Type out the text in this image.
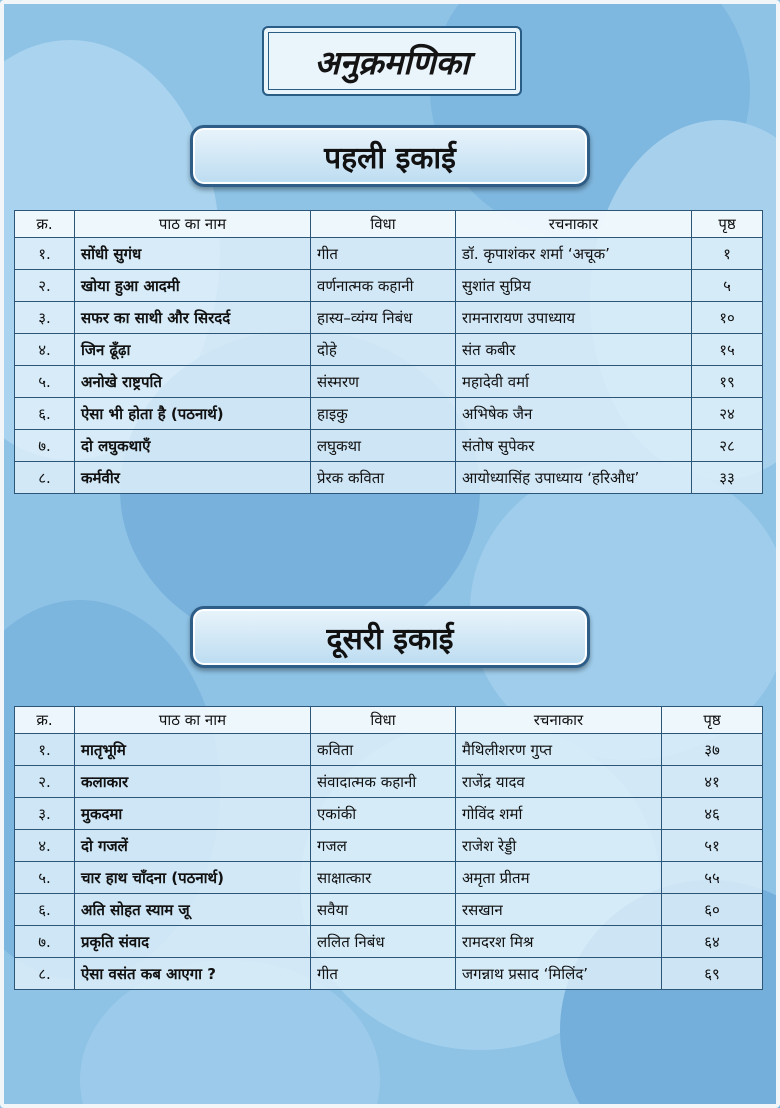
अनुक्रमणिका
पहली इकाई
क्र.	पाठ का नाम	विधा	रचनाकार	पृष्ठ
१.	सोंधी सुगंध	गीत	डॉ. कृपाशंकर शर्मा ‘अचूक’	१
२.	खोया हुआ आदमी	वर्णनात्मक कहानी	सुशांत सुप्रिय	५
३.	सफर का साथी और सिरदर्द	हास्य–व्यंग्य निबंध	रामनारायण उपाध्याय	१०
४.	जिन ढूँढ़ा	दोहे	संत कबीर	१५
५.	अनोखे राष्ट्रपति	संस्मरण	महादेवी वर्मा	१९
६.	ऐसा भी होता है (पठनार्थ)	हाइकु	अभिषेक जैन	२४
७.	दो लघुकथाएँ	लघुकथा	संतोष सुपेकर	२८
८.	कर्मवीर	प्रेरक कविता	आयोध्यासिंह उपाध्याय ‘हरिऔध’	३३
दूसरी इकाई
क्र.	पाठ का नाम	विधा	रचनाकार	पृष्ठ
१.	मातृभूमि	कविता	मैथिलीशरण गुप्त	३७
२.	कलाकार	संवादात्मक कहानी	राजेंद्र यादव	४१
३.	मुकदमा	एकांकी	गोविंद शर्मा	४६
४.	दो गजलें	गजल	राजेश रेड्डी	५१
५.	चार हाथ चाँदना (पठनार्थ)	साक्षात्कार	अमृता प्रीतम	५५
६.	अति सोहत स्याम जू	सवैया	रसखान	६०
७.	प्रकृति संवाद	ललित निबंध	रामदरश मिश्र	६४
८.	ऐसा वसंत कब आएगा ?	गीत	जगन्नाथ प्रसाद ‘मिलिंद’	६९
